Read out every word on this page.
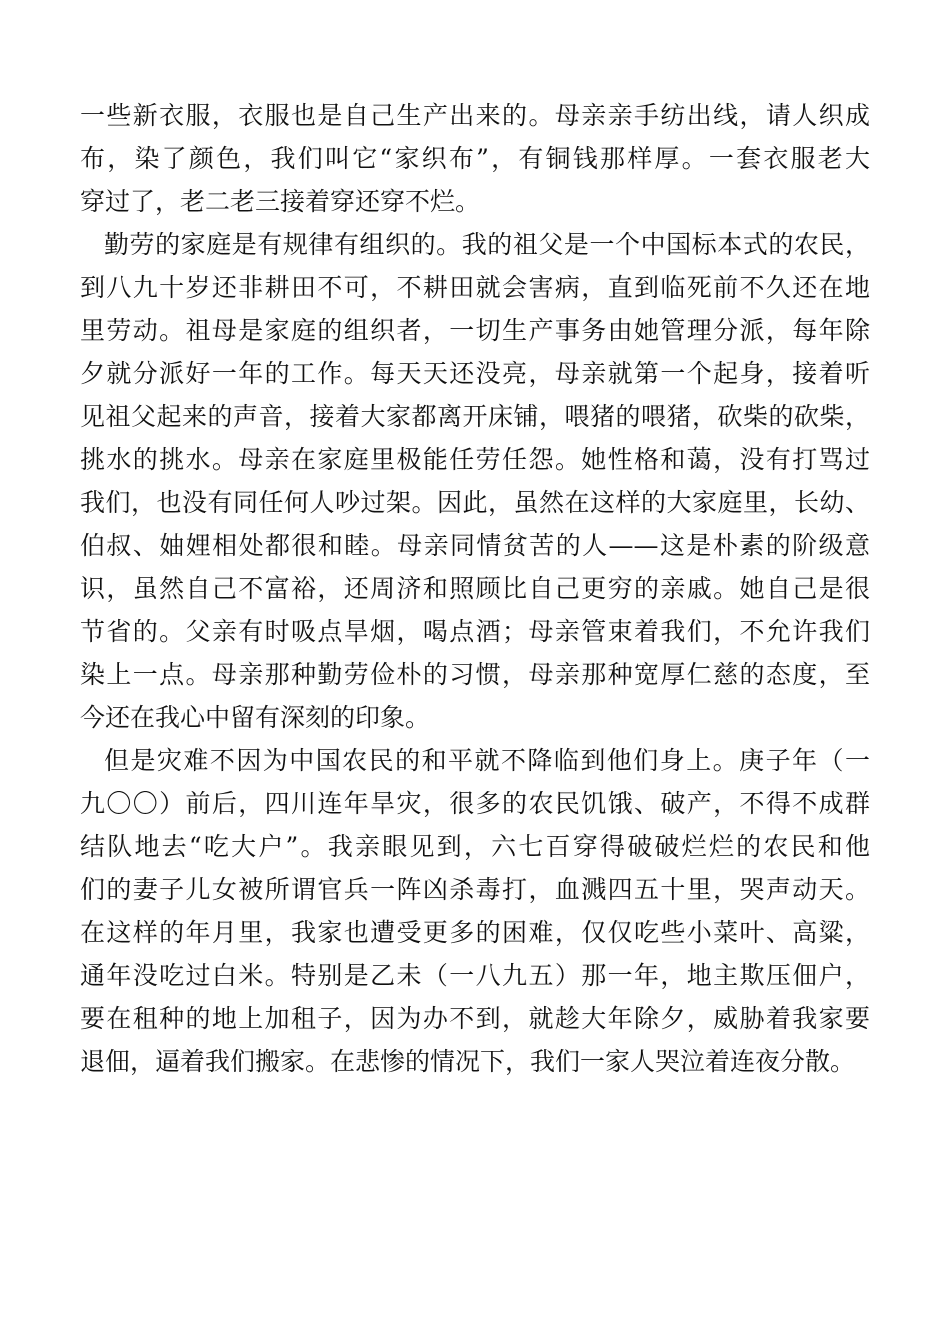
一些新衣服，衣服也是自己生产出来的。母亲亲手纺出线，请人织成
布，染了颜色，我们叫它“家织布”，有铜钱那样厚。一套衣服老大
穿过了，老二老三接着穿还穿不烂。
勤劳的家庭是有规律有组织的。我的祖父是一个中国标本式的农民，
到八九十岁还非耕田不可，不耕田就会害病，直到临死前不久还在地
里劳动。祖母是家庭的组织者，一切生产事务由她管理分派，每年除
夕就分派好一年的工作。每天天还没亮，母亲就第一个起身，接着听
见祖父起来的声音，接着大家都离开床铺，喂猪的喂猪，砍柴的砍柴，
挑水的挑水。母亲在家庭里极能任劳任怨。她性格和蔼，没有打骂过
我们，也没有同任何人吵过架。因此，虽然在这样的大家庭里，长幼、
伯叔、妯娌相处都很和睦。母亲同情贫苦的人——这是朴素的阶级意
识，虽然自己不富裕，还周济和照顾比自己更穷的亲戚。她自己是很
节省的。父亲有时吸点旱烟，喝点酒；母亲管束着我们，不允许我们
染上一点。母亲那种勤劳俭朴的习惯，母亲那种宽厚仁慈的态度，至
今还在我心中留有深刻的印象。
但是灾难不因为中国农民的和平就不降临到他们身上。庚子年（一
九〇〇）前后，四川连年旱灾，很多的农民饥饿、破产，不得不成群
结队地去“吃大户”。我亲眼见到，六七百穿得破破烂烂的农民和他
们的妻子儿女被所谓官兵一阵凶杀毒打，血溅四五十里，哭声动天。
在这样的年月里，我家也遭受更多的困难，仅仅吃些小菜叶、高粱，
通年没吃过白米。特别是乙未（一八九五）那一年，地主欺压佃户，
要在租种的地上加租子，因为办不到，就趁大年除夕，威胁着我家要
退佃，逼着我们搬家。在悲惨的情况下，我们一家人哭泣着连夜分散。
